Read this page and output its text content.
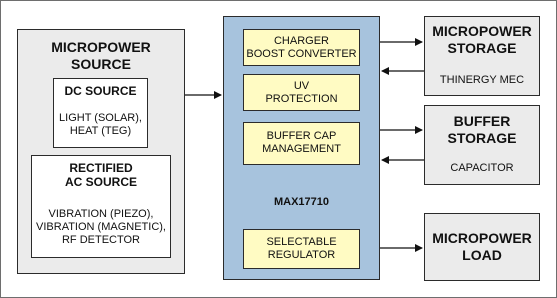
MICROPOWER
SOURCE
DC SOURCE
LIGHT (SOLAR),
HEAT (TEG)
RECTIFIED
AC SOURCE
VIBRATION (PIEZO),
VIBRATION (MAGNETIC),
RF DETECTOR
CHARGER
BOOST CONVERTER
UV
PROTECTION
BUFFER CAP
MANAGEMENT
MAX17710
SELECTABLE
REGULATOR
MICROPOWER
STORAGE
THINERGY MEC
BUFFER
STORAGE
CAPACITOR
MICROPOWER
LOAD
